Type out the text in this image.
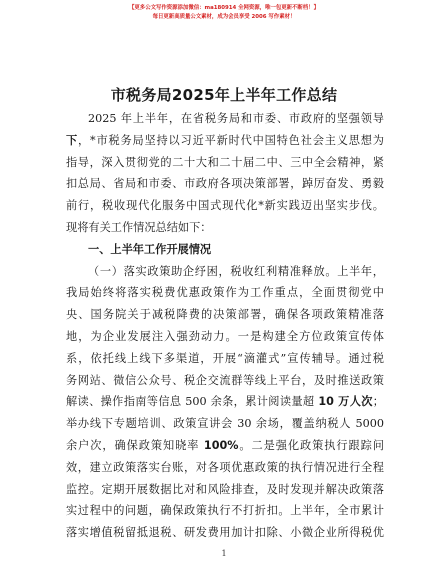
【更多公文写作资源添加微信：ma180914 全网资源，唯一包更新不断档！】
每日更新高质量公文素材，成为会员享受 2006 写作素材！
市税务局2025年上半年工作总结
2025 年上半年，在省税务局和市委、市政府的坚强领导
下，*市税务局坚持以习近平新时代中国特色社会主义思想为
指导，深入贯彻党的二十大和二十届二中、三中全会精神，紧
扣总局、省局和市委、市政府各项决策部署，踔厉奋发、勇毅
前行，税收现代化服务中国式现代化*新实践迈出坚实步伐。
现将有关工作情况总结如下：
一、上半年工作开展情况
（一）落实政策助企纾困，税收红利精准释放。上半年，
我局始终将落实税费优惠政策作为工作重点，全面贯彻党中
央、国务院关于减税降费的决策部署，确保各项政策精准落
地，为企业发展注入强劲动力。一是构建全方位政策宣传体
系，依托线上线下多渠道，开展“滴灌式”宣传辅导。通过税
务网站、微信公众号、税企交流群等线上平台，及时推送政策
解读、操作指南等信息 500 余条，累计阅读量超 10 万人次；
举办线下专题培训、政策宣讲会 30 余场，覆盖纳税人 5000
余户次，确保政策知晓率 100%。二是强化政策执行跟踪问
效，建立政策落实台账，对各项优惠政策的执行情况进行全程
监控。定期开展数据比对和风险排查，及时发现并解决政策落
实过程中的问题，确保政策执行不打折扣。上半年，全市累计
落实增值税留抵退税、研发费用加计扣除、小微企业所得税优
1
